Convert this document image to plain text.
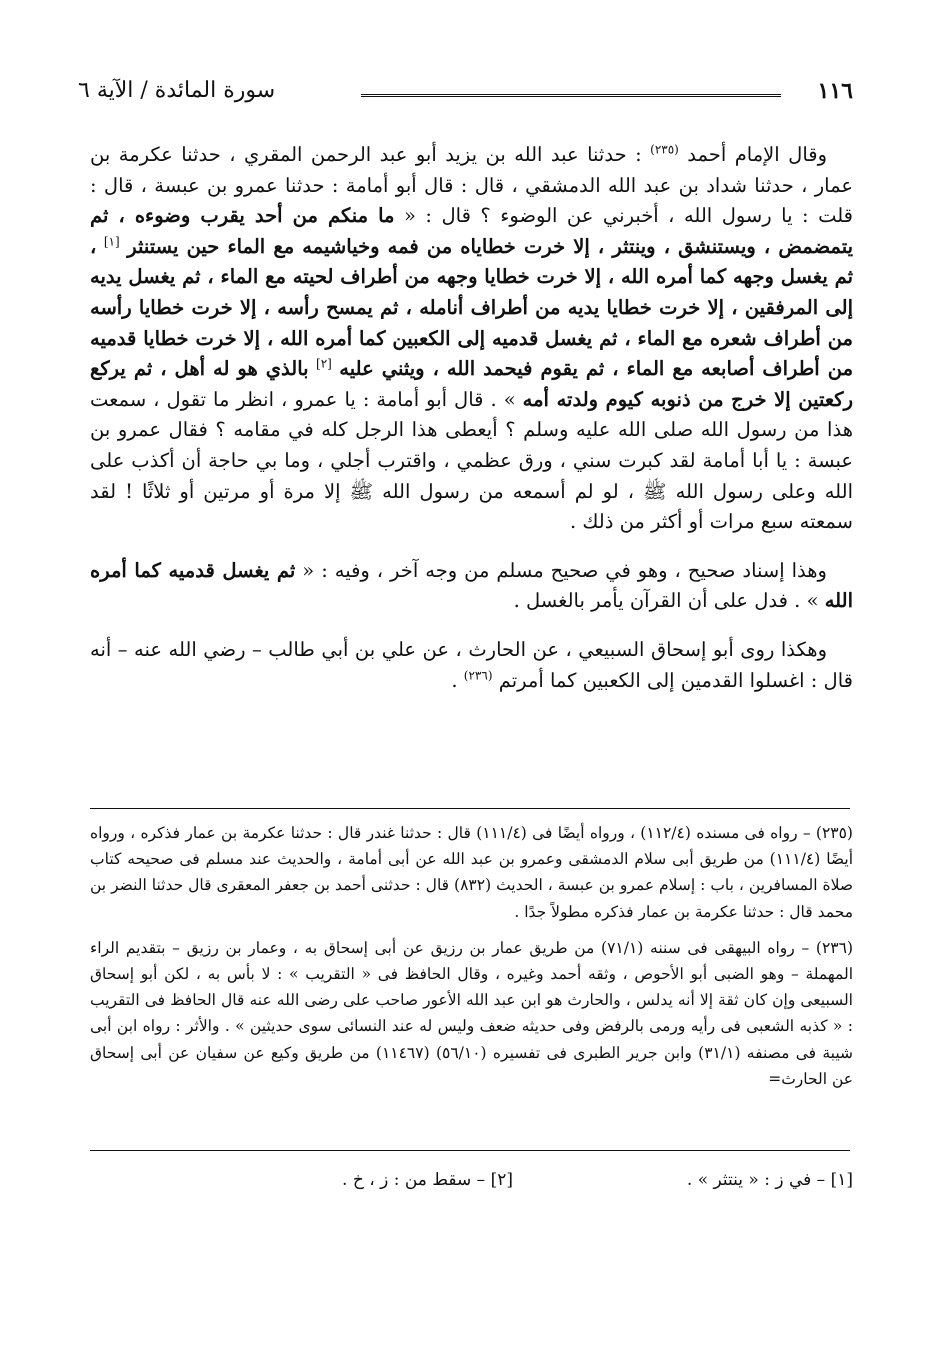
١١٦
سورة المائدة / الآية ٦

وقال الإمام أحمد $^{(٢٣٥)}$ : حدثنا عبد الله بن يزيد أبو عبد الرحمن المقري ، حدثنا عكرمة بن عمار ، حدثنا شداد بن عبد الله الدمشقي ، قال : قال أبو أمامة : حدثنا عمرو بن عبسة ، قال : قلت : يا رسول الله ، أخبرني عن الوضوء ؟ قال : « ما منكم من أحد يقرب وضوءه ، ثم يتمضمض ، ويستنشق ، وينتثر ، إلا خرت خطاياه من فمه وخياشيمه مع الماء حين يستنثر [١] ، ثم يغسل وجهه كما أمره الله ، إلا خرت خطايا وجهه من أطراف لحيته مع الماء ، ثم يغسل يديه إلى المرفقين ، إلا خرت خطايا يديه من أطراف أنامله ، ثم يمسح رأسه ، إلا خرت خطايا رأسه من أطراف شعره مع الماء ، ثم يغسل قدميه إلى الكعبين كما أمره الله ، إلا خرت خطايا قدميه من أطراف أصابعه مع الماء ، ثم يقوم فيحمد الله ، ويثني عليه [٢] بالذي هو له أهل ، ثم يركع ركعتين إلا خرج من ذنوبه كيوم ولدته أمه » . قال أبو أمامة : يا عمرو ، انظر ما تقول ، سمعت هذا من رسول الله صلى الله عليه وسلم ؟ أيعطى هذا الرجل كله في مقامه ؟ فقال عمرو بن عبسة : يا أبا أمامة لقد كبرت سني ، ورق عظمي ، واقترب أجلي ، وما بي حاجة أن أكذب على الله وعلى رسول الله ﷺ ، لو لم أسمعه من رسول الله ﷺ إلا مرة أو مرتين أو ثلاثًا ! لقد سمعته سبع مرات أو أكثر من ذلك .

وهذا إسناد صحيح ، وهو في صحيح مسلم من وجه آخر ، وفيه : « ثم يغسل قدميه كما أمره الله » . فدل على أن القرآن يأمر بالغسل .

وهكذا روى أبو إسحاق السبيعي ، عن الحارث ، عن علي بن أبي طالب – رضي الله عنه – أنه قال : اغسلوا القدمين إلى الكعبين كما أمرتم $^{(٢٣٦)}$ .

(٢٣٥) – رواه فى مسنده (١١٢/٤) ، ورواه أيضًا فى (١١١/٤) قال : حدثنا غندر قال : حدثنا عكرمة بن عمار فذكره ، ورواه أيضًا (١١١/٤) من طريق أبى سلام الدمشقى وعمرو بن عبد الله عن أبى أمامة ، والحديث عند مسلم فى صحيحه كتاب صلاة المسافرين ، باب : إسلام عمرو بن عبسة ، الحديث (٨٣٢) قال : حدثنى أحمد بن جعفر المعقرى قال حدثنا النضر بن محمد قال : حدثنا عكرمة بن عمار فذكره مطولاً جدًا .

(٢٣٦) – رواه البيهقى فى سننه (٧١/١) من طريق عمار بن رزيق عن أبى إسحاق به ، وعمار بن رزيق – بتقديم الراء المهملة – وهو الضبى أبو الأحوص ، وثقه أحمد وغيره ، وقال الحافظ فى « التقريب » : لا بأس به ، لكن أبو إسحاق السبيعى وإن كان ثقة إلا أنه يدلس ، والحارث هو ابن عبد الله الأعور صاحب على رضى الله عنه قال الحافظ فى التقريب : « كذبه الشعبى فى رأيه ورمى بالرفض وفى حديثه ضعف وليس له عند النسائى سوى حديثين » . والأثر : رواه ابن أبى شيبة فى مصنفه (٣١/١) وابن جرير الطبرى فى تفسيره (٥٦/١٠) (١١٤٦٧) من طريق وكيع عن سفيان عن أبى إسحاق عن الحارث=

[١] – في ز : « ينتثر » .
[٢] – سقط من : ز ، خ .
